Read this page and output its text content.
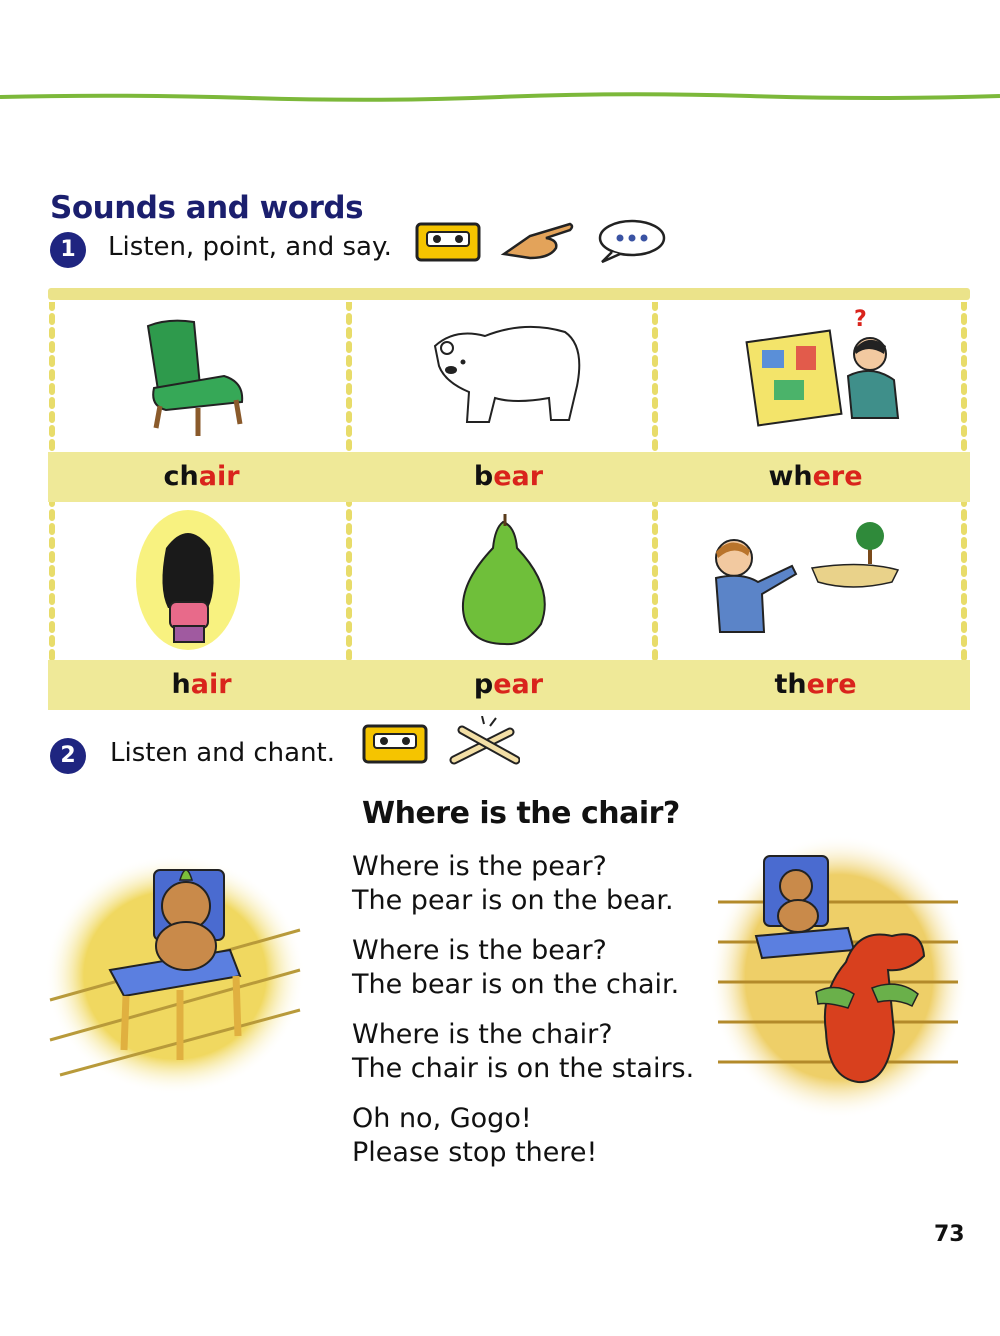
Sounds and words
1	Listen, point, and say.
?
chair	bear	where
hair	pear	there
2	Listen and chant.
Where is the chair?
Where is the pear?
The pear is on the bear.
Where is the bear?
The bear is on the chair.
Where is the chair?
The chair is on the stairs.
Oh no, Gogo!
Please stop there!
73
